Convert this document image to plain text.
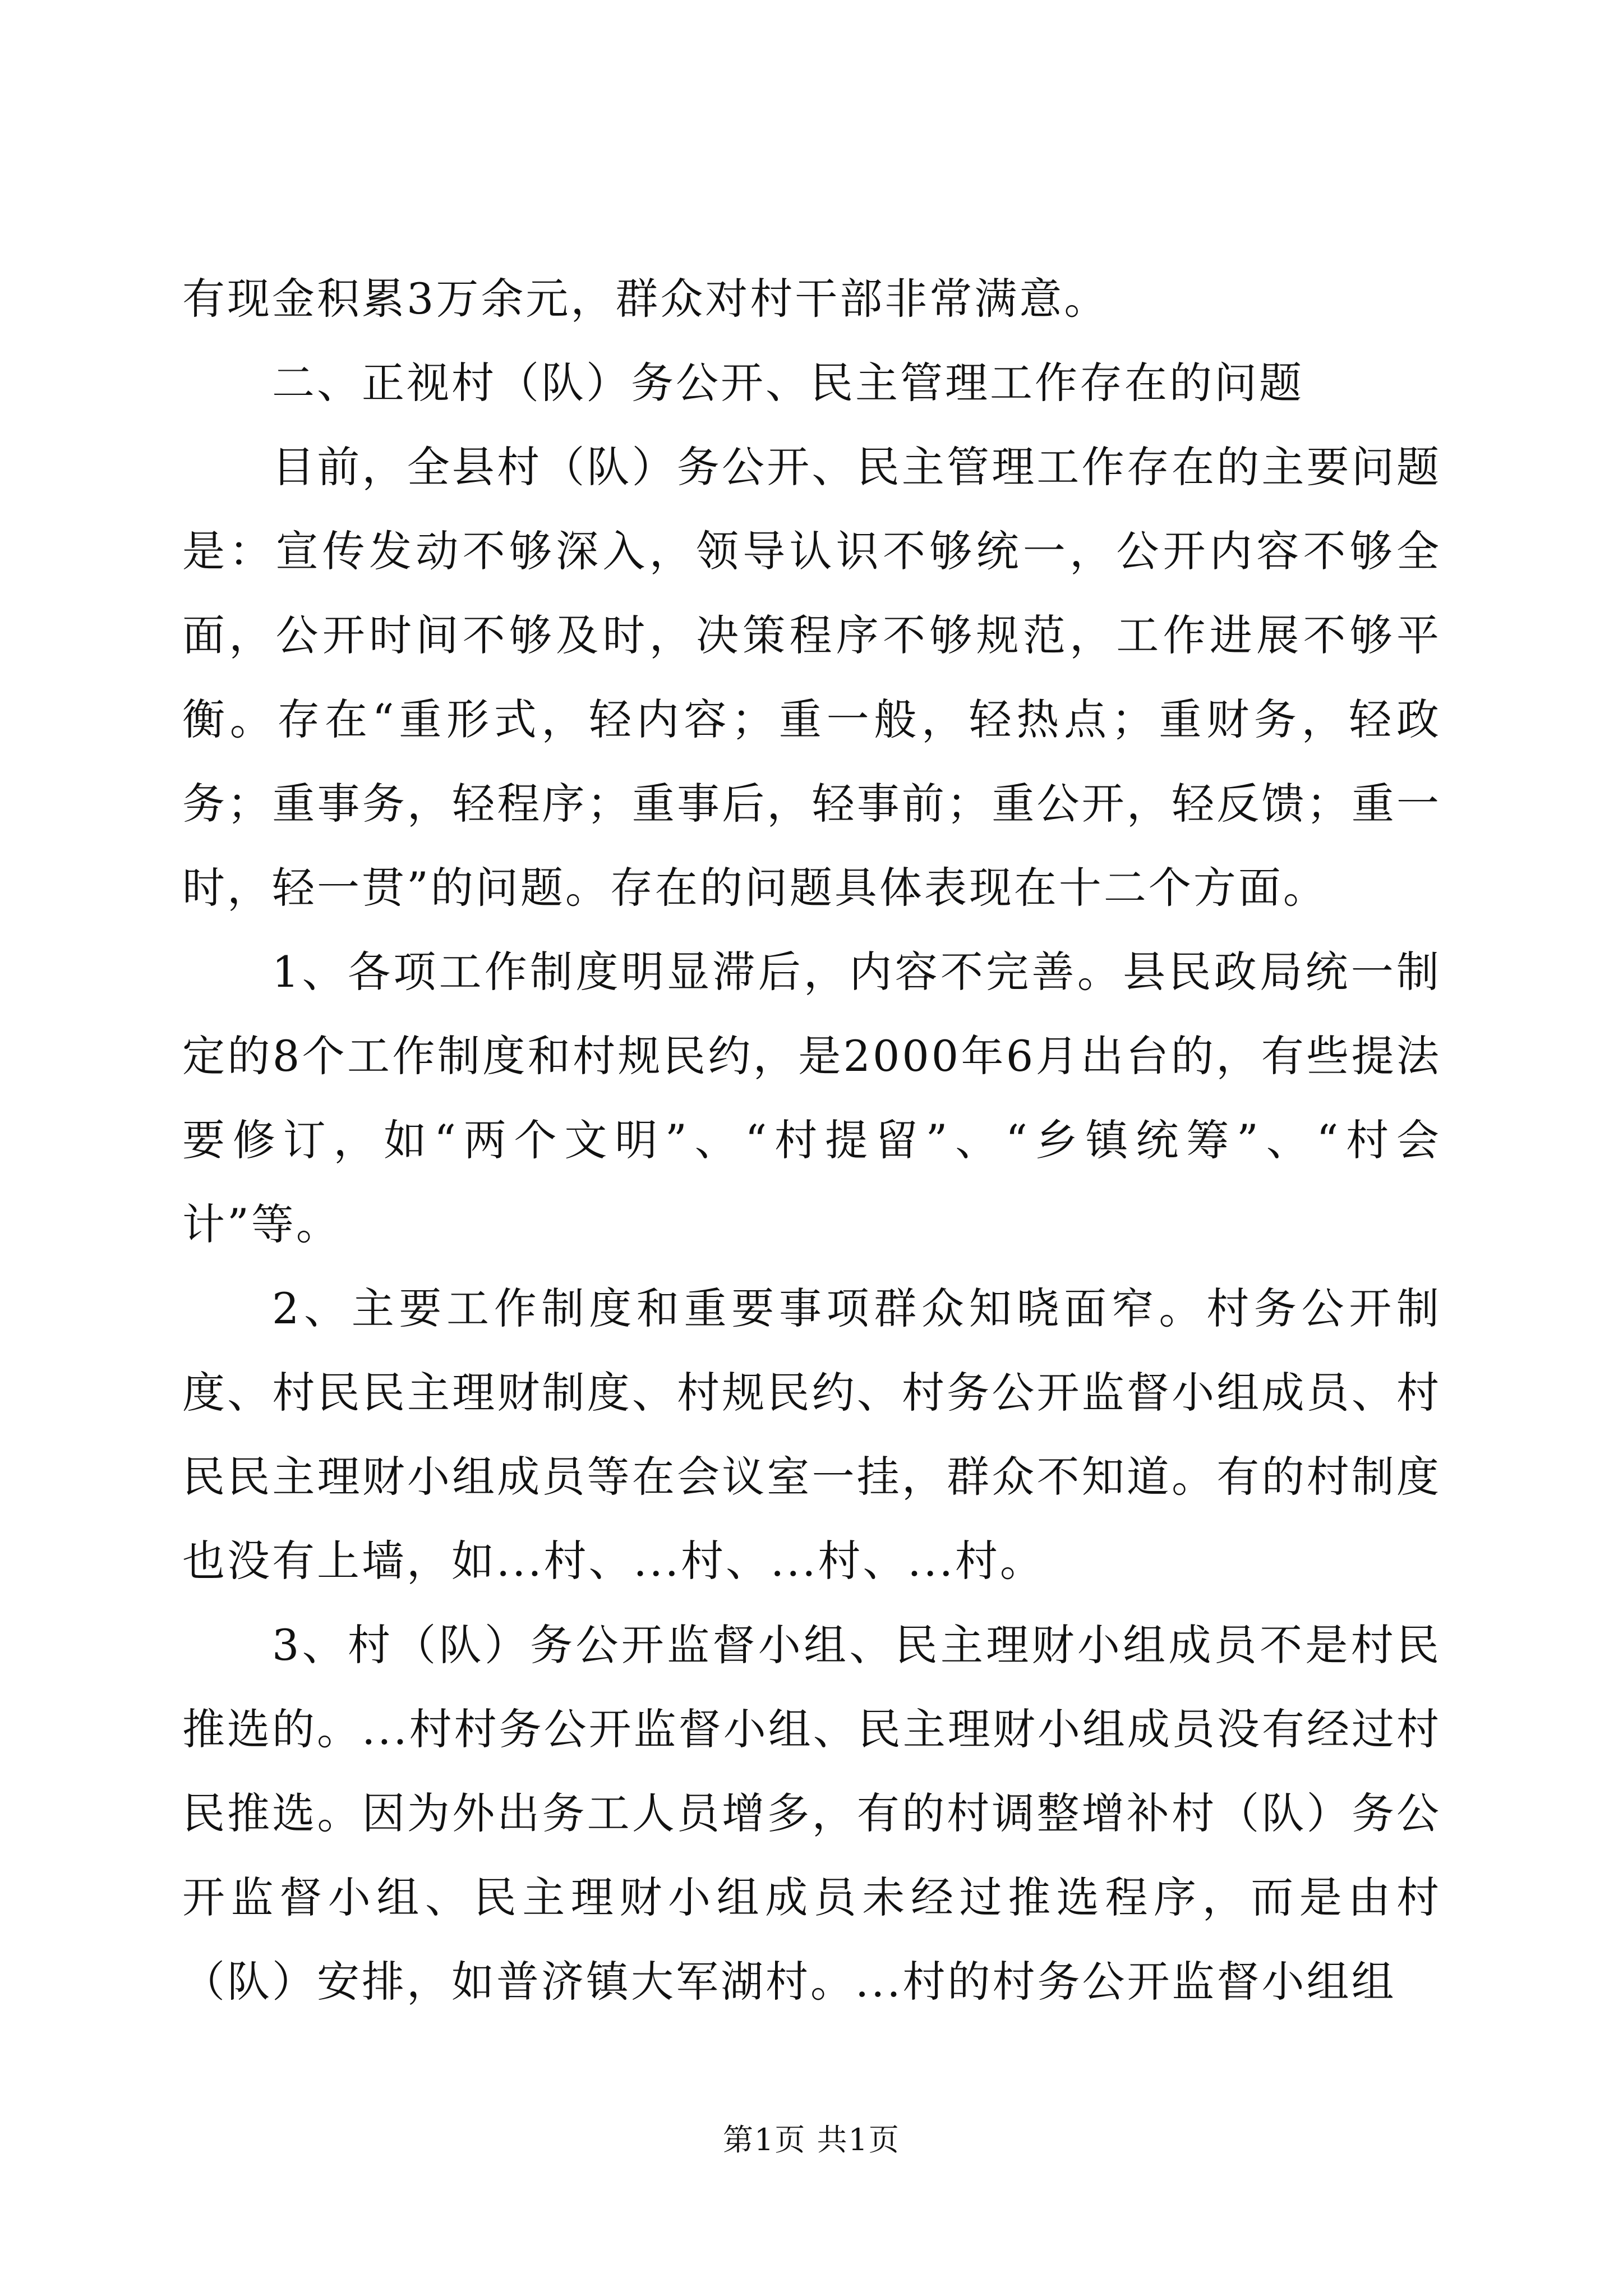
有现金积累3万余元，群众对村干部非常满意。

二、正视村（队）务公开、民主管理工作存在的问题

目前，全县村（队）务公开、民主管理工作存在的主要问题是：宣传发动不够深入，领导认识不够统一，公开内容不够全面，公开时间不够及时，决策程序不够规范，工作进展不够平衡。存在“重形式，轻内容；重一般，轻热点；重财务，轻政务；重事务，轻程序；重事后，轻事前；重公开，轻反馈；重一时，轻一贯”的问题。存在的问题具体表现在十二个方面。

1、各项工作制度明显滞后，内容不完善。县民政局统一制定的8个工作制度和村规民约，是2000年6月出台的，有些提法要修订，如“两个文明”、“村提留”、“乡镇统筹”、“村会计”等。

2、主要工作制度和重要事项群众知晓面窄。村务公开制度、村民民主理财制度、村规民约、村务公开监督小组成员、村民民主理财小组成员等在会议室一挂，群众不知道。有的村制度也没有上墙，如...村、...村、...村、...村。

3、村（队）务公开监督小组、民主理财小组成员不是村民推选的。...村村务公开监督小组、民主理财小组成员没有经过村民推选。因为外出务工人员增多，有的村调整增补村（队）务公开监督小组、民主理财小组成员未经过推选程序，而是由村（队）安排，如普济镇大军湖村。...村的村务公开监督小组组

第1页 共1页
